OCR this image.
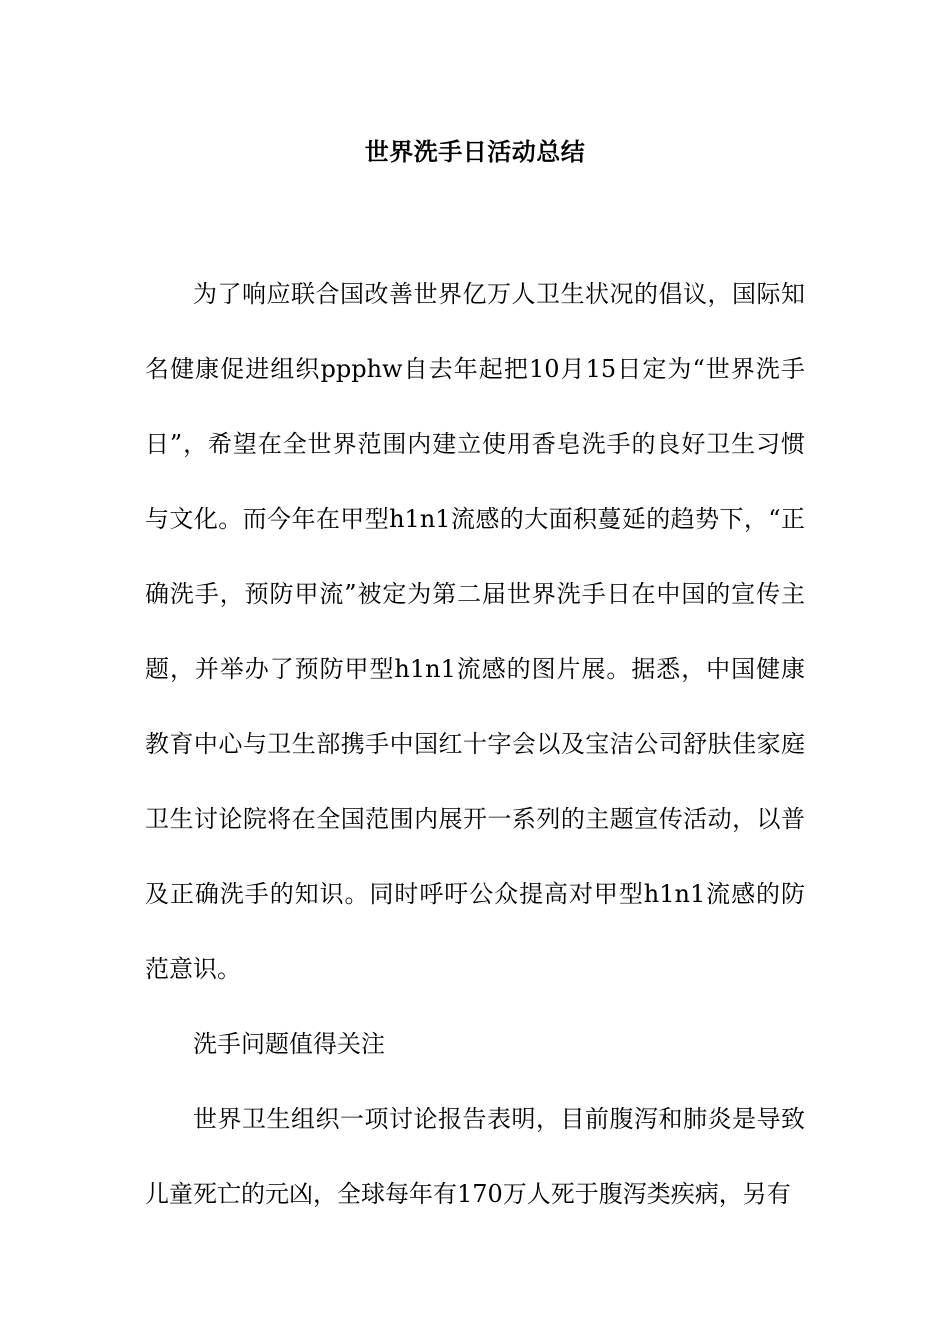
世界洗手日活动总结

为了响应联合国改善世界亿万人卫生状况的倡议，国际知名健康促进组织ppphw自去年起把10月15日定为“世界洗手日”，希望在全世界范围内建立使用香皂洗手的良好卫生习惯与文化。而今年在甲型h1n1流感的大面积蔓延的趋势下，“正确洗手，预防甲流”被定为第二届世界洗手日在中国的宣传主题，并举办了预防甲型h1n1流感的图片展。据悉，中国健康教育中心与卫生部携手中国红十字会以及宝洁公司舒肤佳家庭卫生讨论院将在全国范围内展开一系列的主题宣传活动，以普及正确洗手的知识。同时呼吁公众提高对甲型h1n1流感的防范意识。

洗手问题值得关注

世界卫生组织一项讨论报告表明，目前腹泻和肺炎是导致儿童死亡的元凶，全球每年有170万人死于腹泻类疾病，另有
